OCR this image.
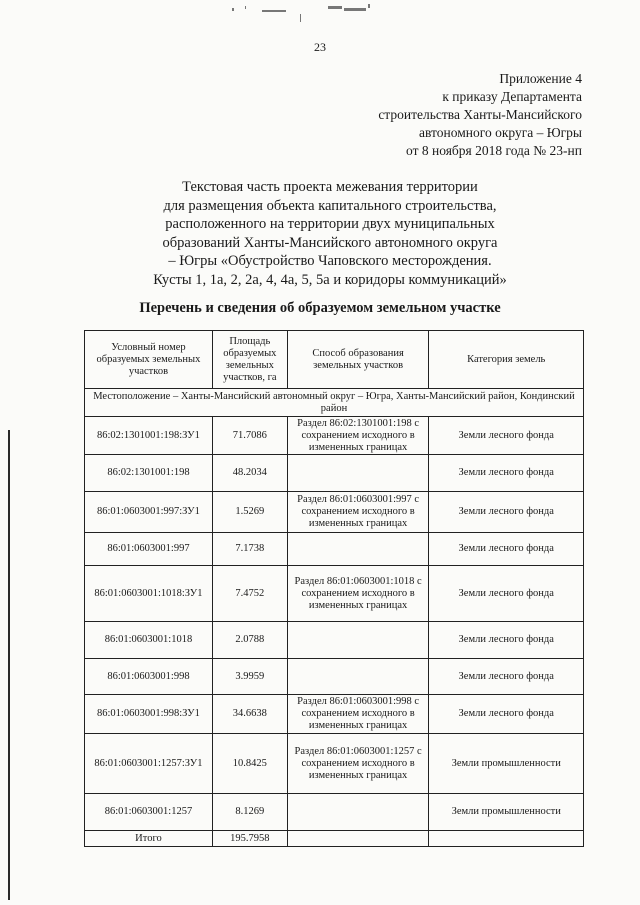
23
Приложение 4
к приказу Департамента
строительства Ханты-Мансийского
автономного округа – Югры
от 8 ноября 2018 года № 23-нп
Текстовая часть проекта межевания территории
для размещения объекта капитального строительства,
расположенного на территории двух муниципальных
образований Ханты-Мансийского автономного округа
– Югры «Обустройство Чаповского месторождения.
Кусты 1, 1а, 2, 2а, 4, 4а, 5, 5а и коридоры коммуникаций»
Перечень и сведения об образуемом земельном участке
Условный номер образуемых земельных участков	Площадь образуемых земельных участков, га	Способ образования земельных участков	Категория земель
Местоположение – Ханты-Мансийский автономный округ – Югра, Ханты-Мансийский район, Кондинский район			
86:02:1301001:198:ЗУ1	71.7086	Раздел 86:02:1301001:198 с сохранением исходного в измененных границах	Земли лесного фонда
86:02:1301001:198	48.2034		Земли лесного фонда
86:01:0603001:997:ЗУ1	1.5269	Раздел 86:01:0603001:997 с сохранением исходного в измененных границах	Земли лесного фонда
86:01:0603001:997	7.1738		Земли лесного фонда
86:01:0603001:1018:ЗУ1	7.4752	Раздел 86:01:0603001:1018 с сохранением исходного в измененных границах	Земли лесного фонда
86:01:0603001:1018	2.0788		Земли лесного фонда
86:01:0603001:998	3.9959		Земли лесного фонда
86:01:0603001:998:ЗУ1	34.6638	Раздел 86:01:0603001:998 с сохранением исходного в измененных границах	Земли лесного фонда
86:01:0603001:1257:ЗУ1	10.8425	Раздел 86:01:0603001:1257 с сохранением исходного в измененных границах	Земли промышленности
86:01:0603001:1257	8.1269		Земли промышленности
Итого	195.7958		
